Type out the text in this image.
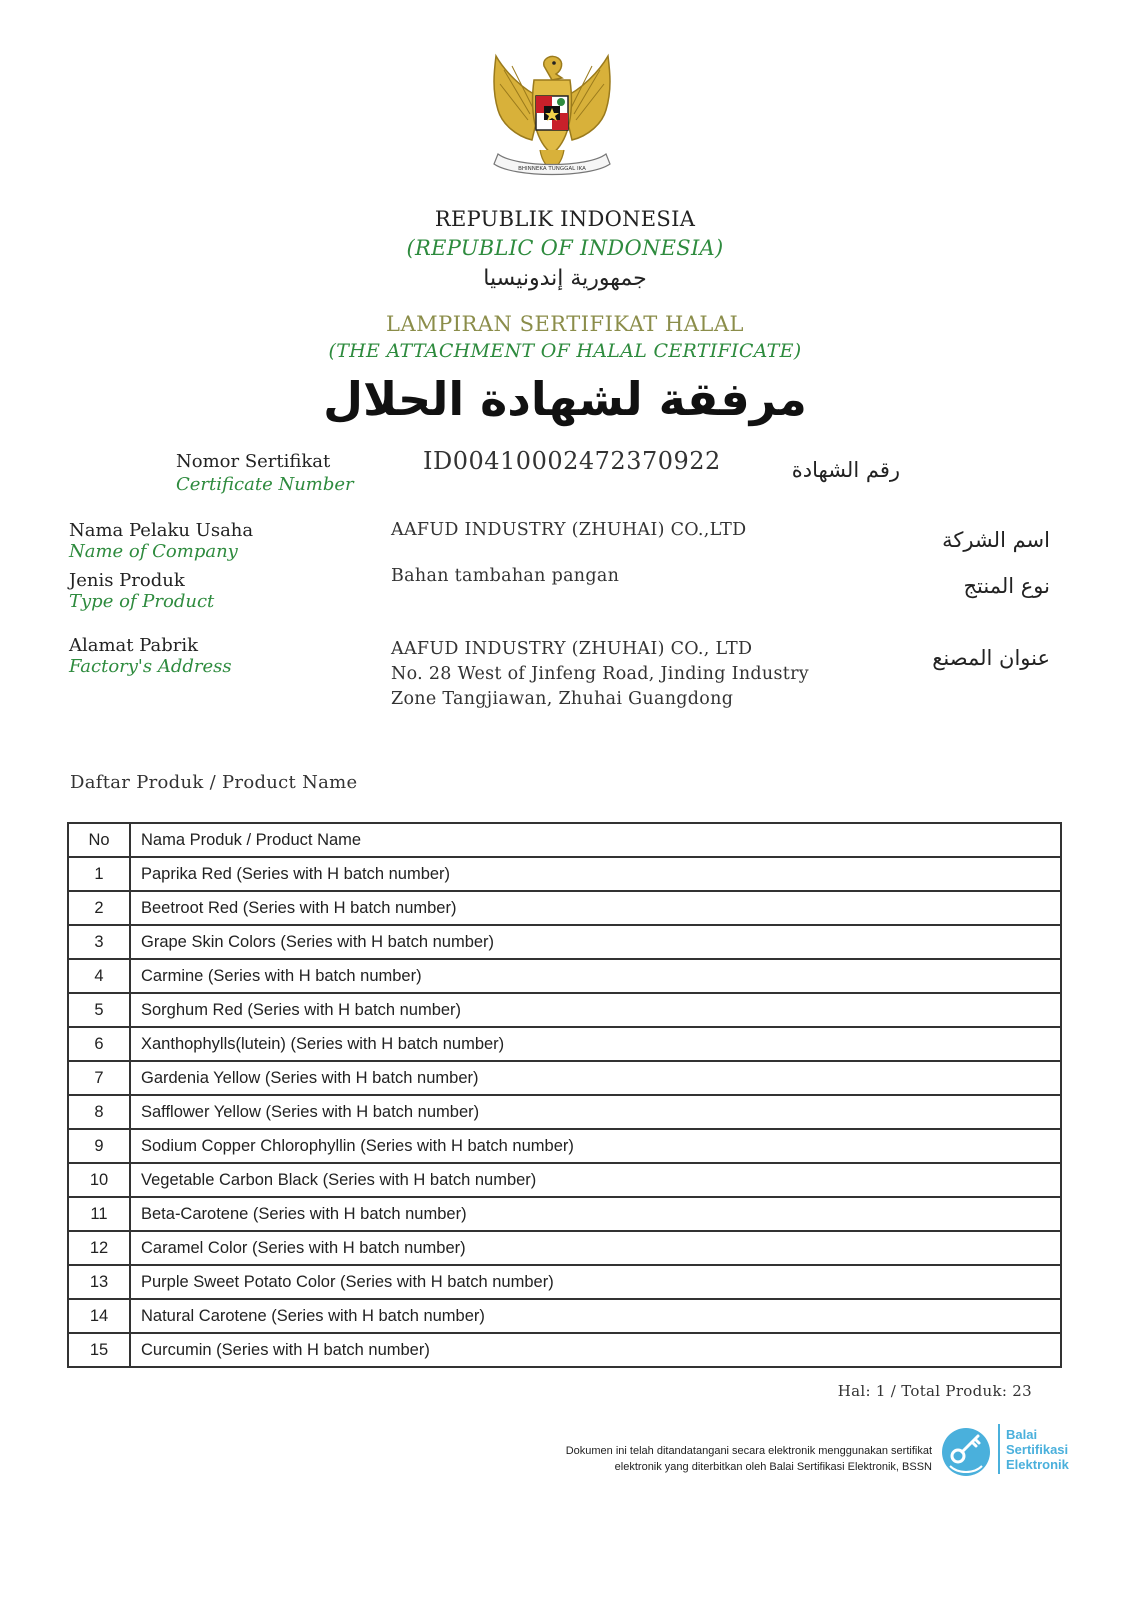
BHINNEKA TUNGGAL IKA
REPUBLIK INDONESIA
(REPUBLIC OF INDONESIA)
جمهورية إندونيسيا
LAMPIRAN SERTIFIKAT HALAL
(THE ATTACHMENT OF HALAL CERTIFICATE)
مرفقة لشهادة الحلال
Nomor Sertifikat
Certificate Number
ID00410002472370922	رقم الشهادة
Nama Pelaku Usaha
Name of Company
AAFUD INDUSTRY (ZHUHAI) CO.,LTD	اسم الشركة
Jenis Produk
Type of Product
Bahan tambahan pangan	نوع المنتج
Alamat Pabrik
Factory's Address
AAFUD INDUSTRY (ZHUHAI) CO., LTD
No. 28 West of Jinfeng Road, Jinding Industry
Zone Tangjiawan, Zhuhai Guangdong
عنوان المصنع
Daftar Produk / Product Name
No	Nama Produk / Product Name
1	Paprika Red (Series with H batch number)
2	Beetroot Red (Series with H batch number)
3	Grape Skin Colors (Series with H batch number)
4	Carmine (Series with H batch number)
5	Sorghum Red (Series with H batch number)
6	Xanthophylls(lutein) (Series with H batch number)
7	Gardenia Yellow (Series with H batch number)
8	Safflower Yellow (Series with H batch number)
9	Sodium Copper Chlorophyllin (Series with H batch number)
10	Vegetable Carbon Black (Series with H batch number)
11	Beta-Carotene (Series with H batch number)
12	Caramel Color (Series with H batch number)
13	Purple Sweet Potato Color (Series with H batch number)
14	Natural Carotene (Series with H batch number)
15	Curcumin (Series with H batch number)
Hal: 1 / Total Produk: 23
Dokumen ini telah ditandatangani secara elektronik menggunakan sertifikat
elektronik yang diterbitkan oleh Balai Sertifikasi Elektronik, BSSN
Balai
Sertifikasi
Elektronik
